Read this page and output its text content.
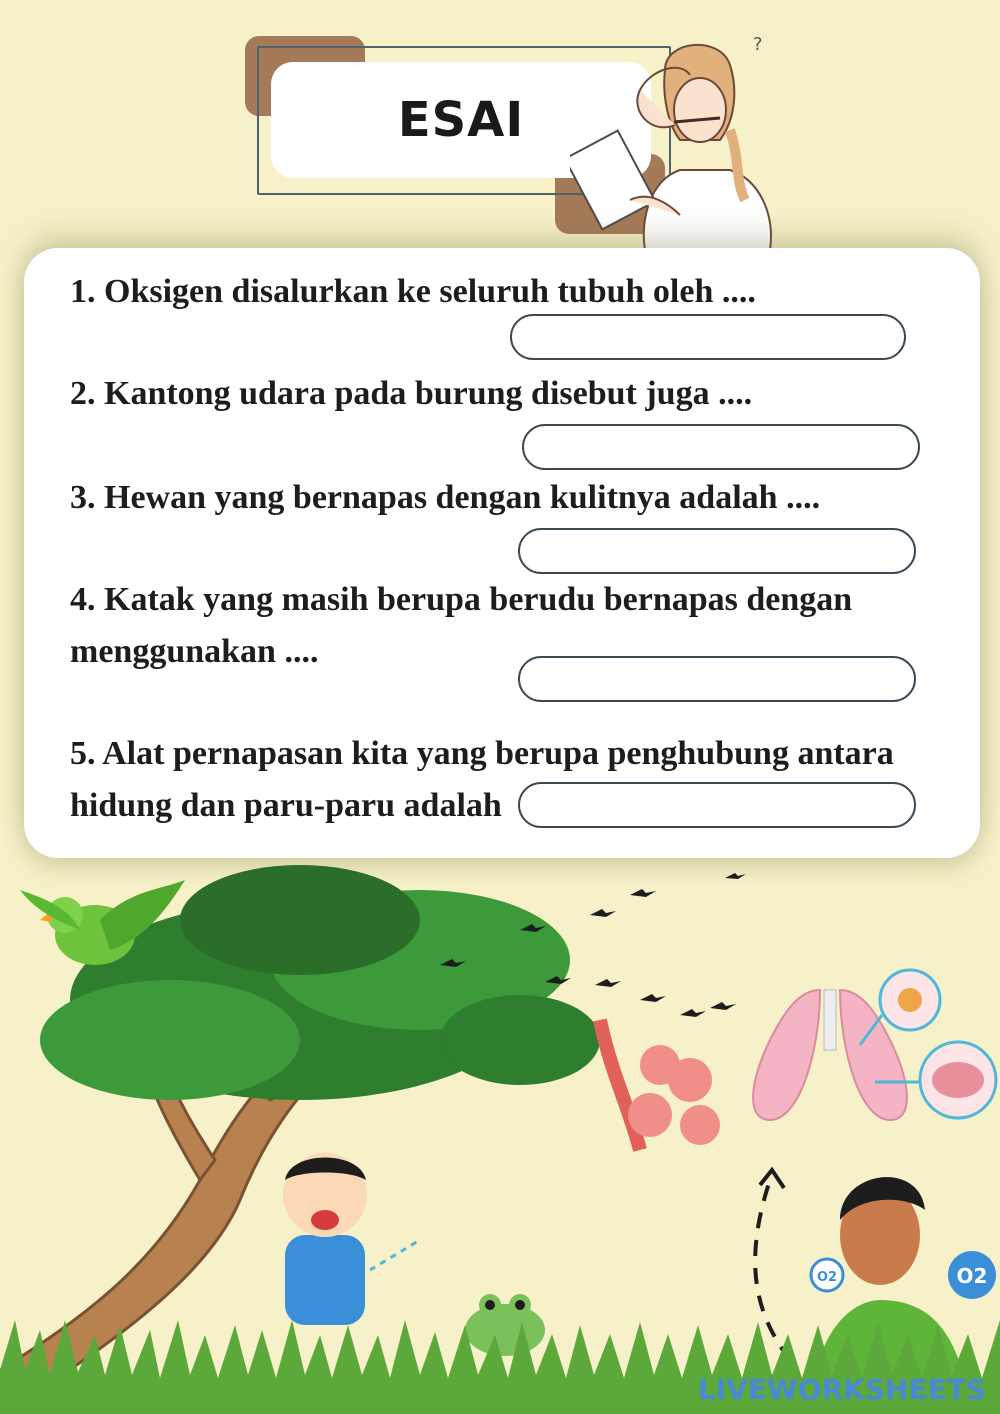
ESAI
?

1. Oksigen disalurkan ke seluruh tubuh oleh ....

2. Kantong udara pada burung disebut juga ....

3. Hewan yang bernapas dengan kulitnya adalah ....

4. Katak yang masih berupa berudu bernapas dengan

menggunakan ....

5. Alat pernapasan kita yang berupa penghubung antara

hidung dan paru-paru adalah

O2	O2
LIVEWORKSHEETS
